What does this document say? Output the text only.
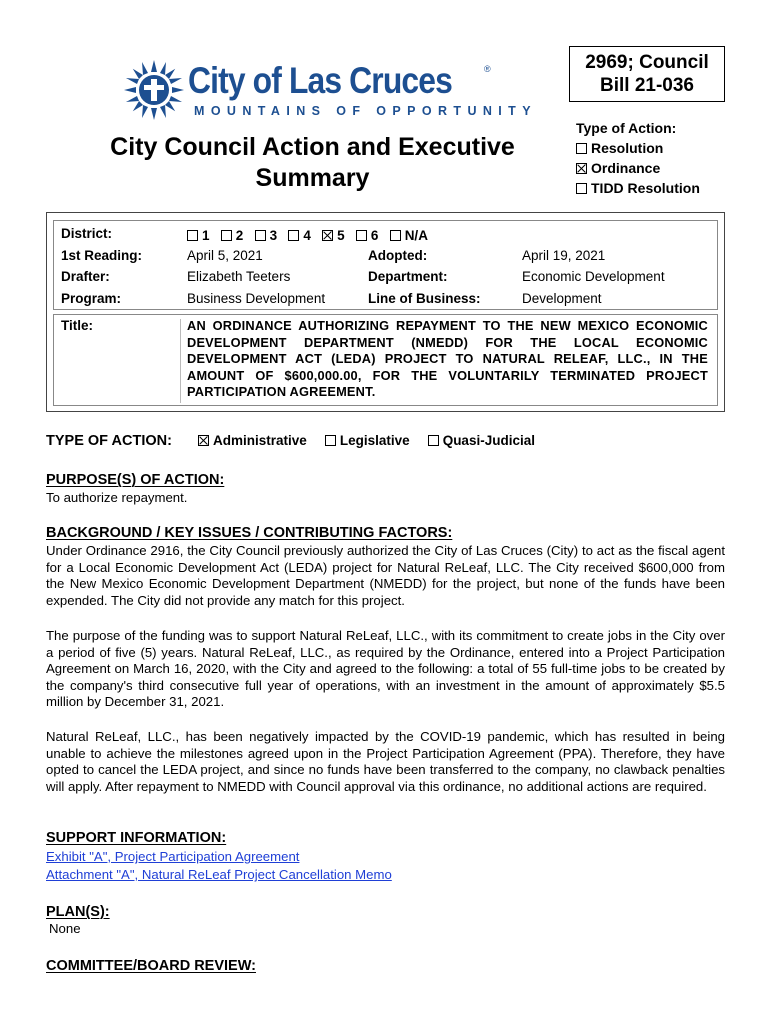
City of Las Cruces	®
MOUNTAINS OF OPPORTUNITY
City Council Action and Executive
Summary
2969; Council
Bill 21-036
Type of Action:
Resolution
Ordinance
TIDD Resolution
District:	1 2 3 4 5 6 N/A
1st Reading:	April 5, 2021	Adopted:	April 19, 2021
Drafter:	Elizabeth Teeters	Department:	Economic Development
Program:	Business Development	Line of Business:	Development
Title:	AN ORDINANCE AUTHORIZING REPAYMENT TO THE NEW MEXICO ECONOMIC DEVELOPMENT DEPARTMENT (NMEDD) FOR THE LOCAL ECONOMIC DEVELOPMENT ACT (LEDA) PROJECT TO NATURAL RELEAF, LLC., IN THE AMOUNT OF $600,000.00, FOR THE VOLUNTARILY TERMINATED PROJECT PARTICIPATION AGREEMENT.
TYPE OF ACTION:	Administrative Legislative Quasi-Judicial
PURPOSE(S) OF ACTION:
To authorize repayment.
BACKGROUND / KEY ISSUES / CONTRIBUTING FACTORS:
Under Ordinance 2916, the City Council previously authorized the City of Las Cruces (City) to act as the fiscal agent for a Local Economic Development Act (LEDA) project for Natural ReLeaf, LLC. The City received $600,000 from the New Mexico Economic Development Department (NMEDD) for the project, but none of the funds have been expended. The City did not provide any match for this project.
The purpose of the funding was to support Natural ReLeaf, LLC., with its commitment to create jobs in the City over a period of five (5) years. Natural ReLeaf, LLC., as required by the Ordinance, entered into a Project Participation Agreement on March 16, 2020, with the City and agreed to the following: a total of 55 full-time jobs to be created by the company's third consecutive full year of operations, with an investment in the amount of approximately $5.5 million by December 31, 2021.
Natural ReLeaf, LLC., has been negatively impacted by the COVID-19 pandemic, which has resulted in being unable to achieve the milestones agreed upon in the Project Participation Agreement (PPA). Therefore, they have opted to cancel the LEDA project, and since no funds have been transferred to the company, no clawback penalties will apply. After repayment to NMEDD with Council approval via this ordinance, no additional actions are required.
SUPPORT INFORMATION:
Exhibit "A", Project Participation Agreement
Attachment "A", Natural ReLeaf Project Cancellation Memo
PLAN(S):
None
COMMITTEE/BOARD REVIEW:
